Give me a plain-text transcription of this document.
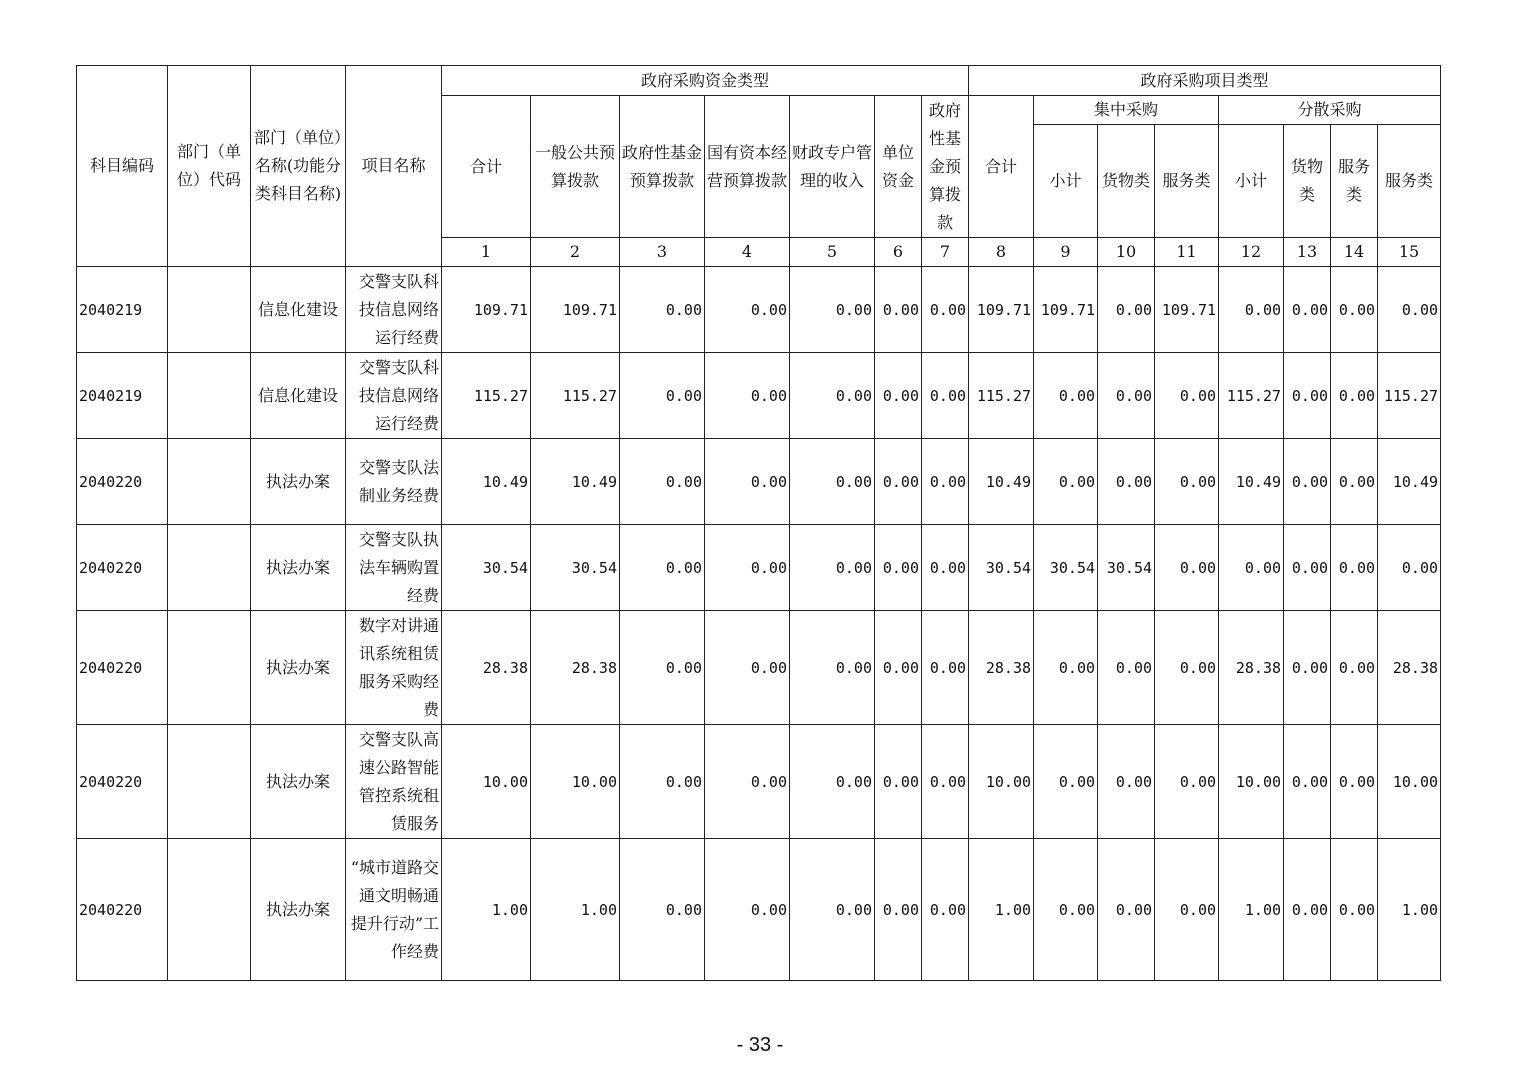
科目编码	部门（单位）代码	部门（单位）名称(功能分类科目名称)	项目名称	政府采购资金类型							政府采购项目类型							
				合计	一般公共预算拨款	政府性基金预算拨款	国有资本经营预算拨款	财政专户管理的收入	单位资金	政府性基金预算拨款	合计	集中采购			分散采购			
												小计	货物类	服务类	小计	货物类	服务类	服务类
				1	2	3	4	5	6	7	8	9	10	11	12	13	14	15
2040219		信息化建设	交警支队科技信息网络运行经费	109.71	109.71	0.00	0.00	0.00	0.00	0.00	109.71	109.71	0.00	109.71	0.00	0.00	0.00	0.00
2040219		信息化建设	交警支队科技信息网络运行经费	115.27	115.27	0.00	0.00	0.00	0.00	0.00	115.27	0.00	0.00	0.00	115.27	0.00	0.00	115.27
2040220		执法办案	交警支队法制业务经费	10.49	10.49	0.00	0.00	0.00	0.00	0.00	10.49	0.00	0.00	0.00	10.49	0.00	0.00	10.49
2040220		执法办案	交警支队执法车辆购置经费	30.54	30.54	0.00	0.00	0.00	0.00	0.00	30.54	30.54	30.54	0.00	0.00	0.00	0.00	0.00
2040220		执法办案	数字对讲通讯系统租赁服务采购经费	28.38	28.38	0.00	0.00	0.00	0.00	0.00	28.38	0.00	0.00	0.00	28.38	0.00	0.00	28.38
2040220		执法办案	交警支队高速公路智能管控系统租赁服务	10.00	10.00	0.00	0.00	0.00	0.00	0.00	10.00	0.00	0.00	0.00	10.00	0.00	0.00	10.00
2040220		执法办案	“城市道路交通文明畅通提升行动”工作经费	1.00	1.00	0.00	0.00	0.00	0.00	0.00	1.00	0.00	0.00	0.00	1.00	0.00	0.00	1.00
- 33 -
